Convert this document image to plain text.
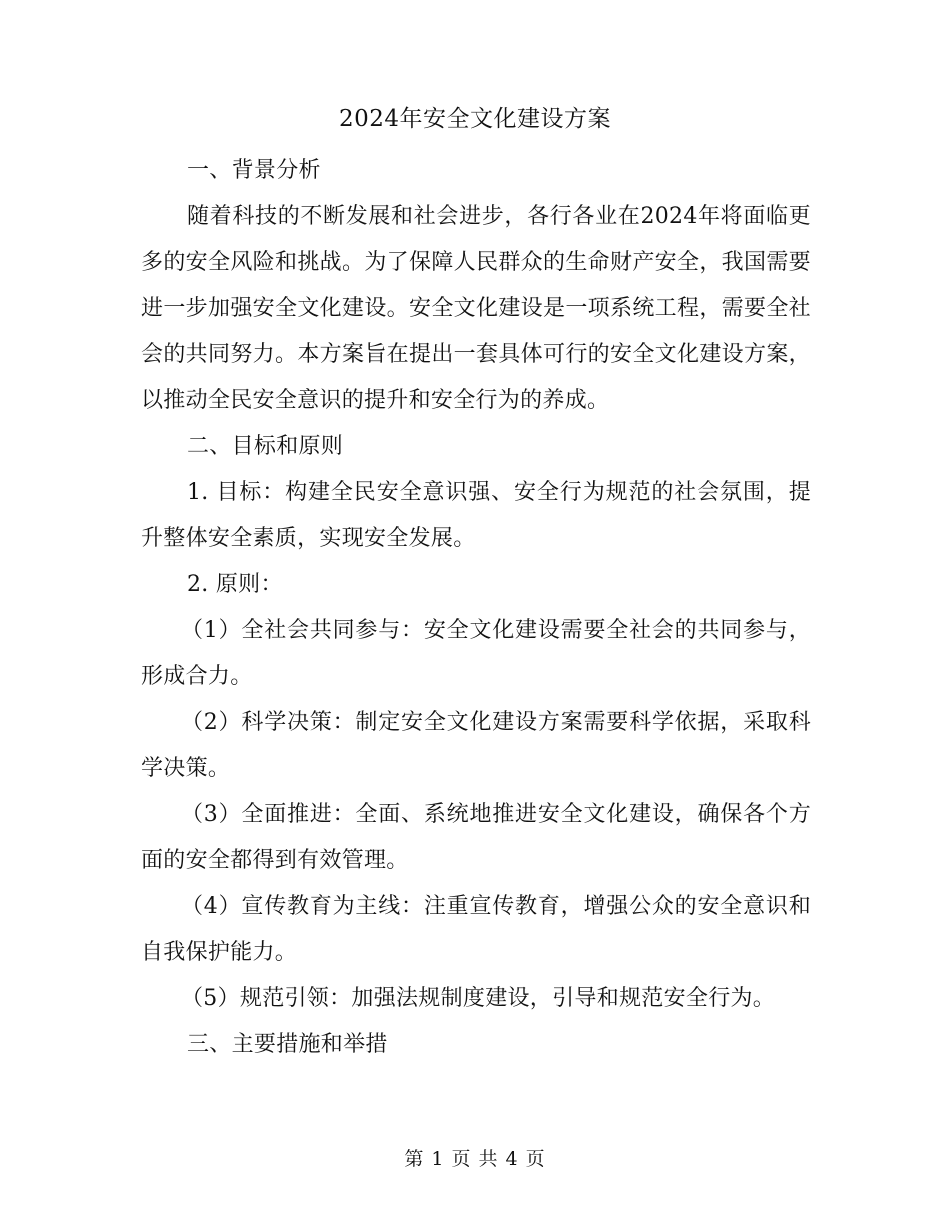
2024年安全文化建设方案

一、背景分析

随着科技的不断发展和社会进步，各行各业在2024年将面临更多的安全风险和挑战。为了保障人民群众的生命财产安全，我国需要进一步加强安全文化建设。安全文化建设是一项系统工程，需要全社会的共同努力。本方案旨在提出一套具体可行的安全文化建设方案，以推动全民安全意识的提升和安全行为的养成。

二、目标和原则

1. 目标：构建全民安全意识强、安全行为规范的社会氛围，提升整体安全素质，实现安全发展。

2. 原则：

（1）全社会共同参与：安全文化建设需要全社会的共同参与，形成合力。

（2）科学决策：制定安全文化建设方案需要科学依据，采取科学决策。

（3）全面推进：全面、系统地推进安全文化建设，确保各个方面的安全都得到有效管理。

（4）宣传教育为主线：注重宣传教育，增强公众的安全意识和自我保护能力。

（5）规范引领：加强法规制度建设，引导和规范安全行为。

三、主要措施和举措

第 1 页 共 4 页
